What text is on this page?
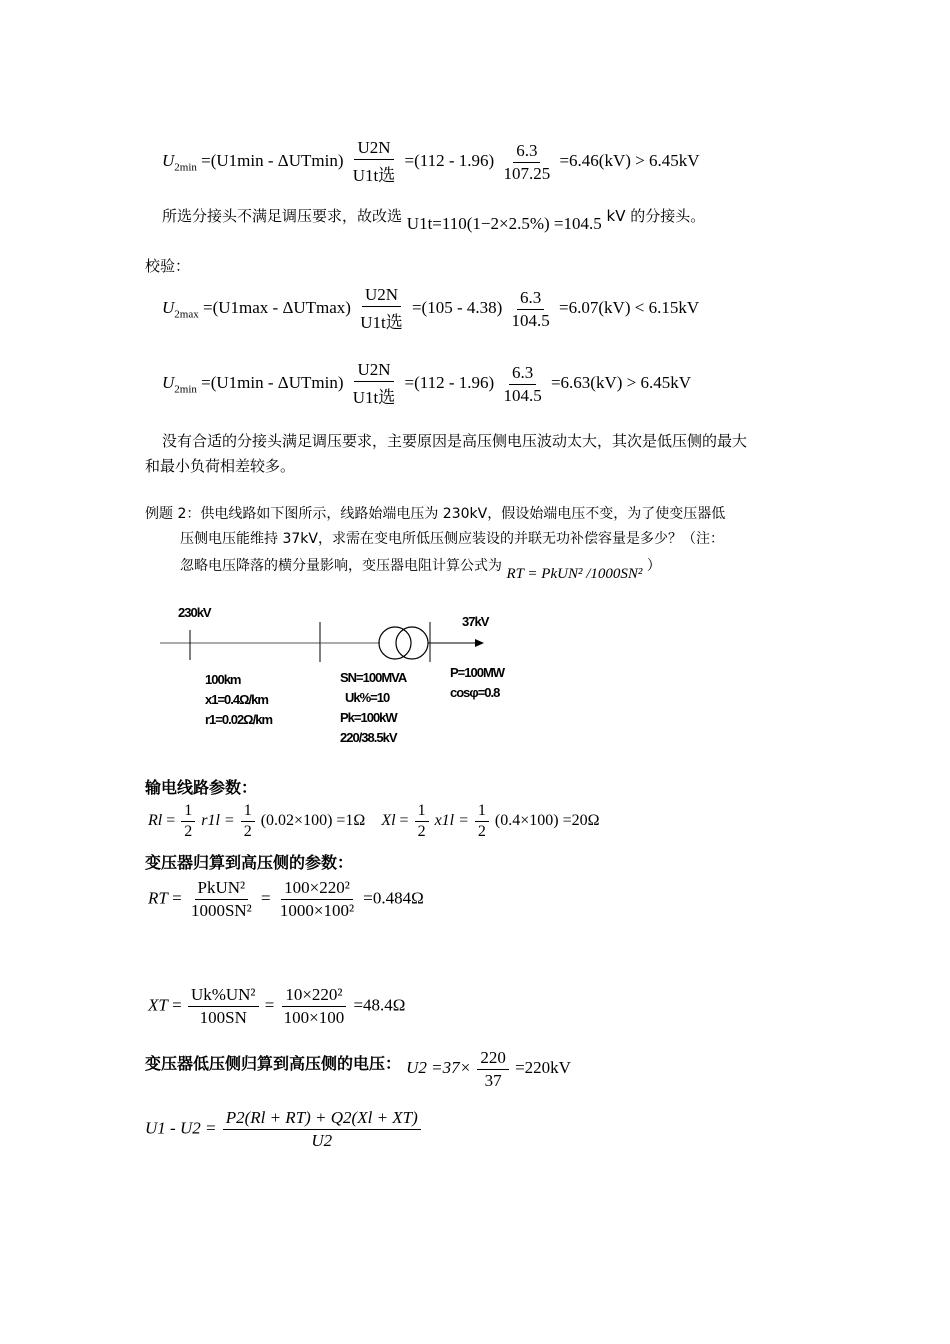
$U_{2min} =(U1\min - \Delta UTmin) \frac{U2N}{\text{U1t选}} =(112 - 1.96) \frac{6.3}{107.25} =6.46(kV) > 6.45kV$
所选分接头不满足调压要求，故改选 U1t=110(1−2×2.5%) =104.5 kV 的分接头。
校验：
$U_{2max} =(U1\max - \Delta UTmax) \frac{U2N}{\text{U1t选}} =(105 - 4.38) \frac{6.3}{104.5} =6.07(kV) < 6.15kV$
$U_{2min} =(U1\min - \Delta UTmin) \frac{U2N}{\text{U1t选}} =(112 - 1.96) \frac{6.3}{104.5} =6.63(kV) > 6.45kV$
没有合适的分接头满足调压要求，主要原因是高压侧电压波动太大，其次是低压侧的最大
和最小负荷相差较多。
例题 2：供电线路如下图所示，线路始端电压为 230kV，假设始端电压不变，为了使变压器低
压侧电压能维持 37kV，求需在变电所低压侧应装设的并联无功补偿容量是多少？（注：
忽略电压降落的横分量影响，变压器电阻计算公式为 RT = PkUN² /1000SN² ）
230kV
37kV
100km
x1=0.4Ω/km
r1=0.02Ω/km
SN=100MVA
Uk%=10
Pk=100kW
220/38.5kV
P=100MW
cosφ=0.8
输电线路参数：
$Rl = \frac{1}{2} r1l = \frac{1}{2} (0.02\times 100) =1\Omega$ $Xl = \frac{1}{2} x1l = \frac{1}{2} (0.4\times 100) =20\Omega$
变压器归算到高压侧的参数：
RT = $\frac{\text{PkUN²}}{\text{1000SN²}} = \frac{\text{100×220²}}{\text{1000×100²}} =0.484\Omega$
XT = $\frac{\text{Uk\%UN²}}{100SN} = \frac{\text{10×220²}}{100\times 100} =48.4\Omega$
变压器低压侧归算到高压侧的电压： $U2 =37\times \frac{220}{37} =220kV$
$U1 - U2 = \frac{P2(Rl + RT) + Q2(Xl + XT)}{U2}$
